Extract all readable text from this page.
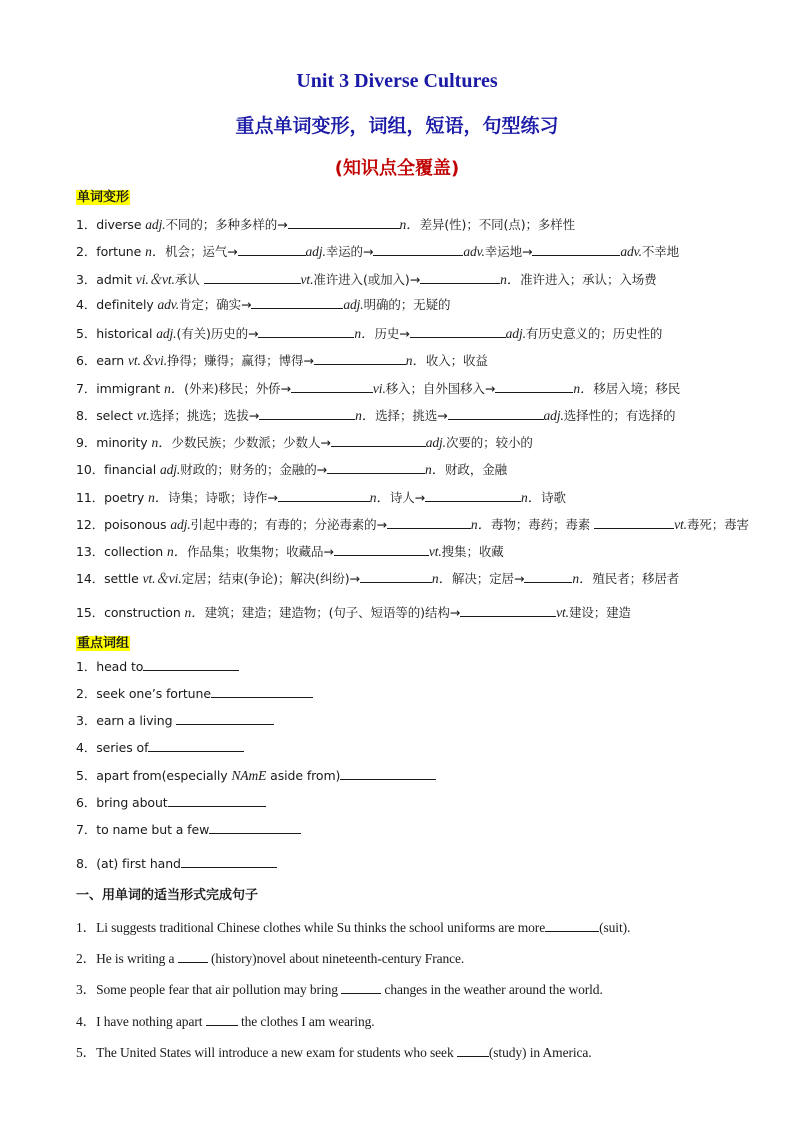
Unit 3 Diverse Cultures
重点单词变形，词组，短语，句型练习
(知识点全覆盖)
单词变形
1．diverse adj.不同的；多种多样的→	n．差异(性)；不同(点)；多样性
2．fortune n．机会；运气→	adj.幸运的→	adv.幸运地→	adv.不幸地
3．admit vi.＆vt.承认	vt.准许进入(或加入)→	n．准许进入；承认；入场费
4．definitely adv.肯定；确实→	adj.明确的；无疑的
5．historical adj.(有关)历史的→	n．历史→	adj.有历史意义的；历史性的
6．earn vt.＆vi.挣得；赚得；赢得；博得→	n．收入；收益
7．immigrant n．(外来)移民；外侨→	vi.移入；自外国移入→	n．移居入境；移民
8．select vt.选择；挑选；选拔→	n．选择；挑选→	adj.选择性的；有选择的
9．minority n．少数民族；少数派；少数人→	adj.次要的；较小的
10．financial adj.财政的；财务的；金融的→	n．财政，金融
11．poetry n．诗集；诗歌；诗作→	n．诗人→	n．诗歌
12．poisonous adj.引起中毒的；有毒的；分泌毒素的→	n．毒物；毒药；毒素	vt.毒死；毒害
13．collection n．作品集；收集物；收藏品→	vt.搜集；收藏
14．settle vt.＆vi.定居；结束(争论)；解决(纠纷)→	n．解决；定居→	n．殖民者；移居者
15．construction n．建筑；建造；建造物；(句子、短语等的)结构→	vt.建设；建造
重点词组
1．head to
2．seek one’s fortune
3．earn a living
4．series of
5．apart from(especially NAmE aside from)
6．bring about
7．to name but a few
8．(at) first hand
一、用单词的适当形式完成句子
1．Li suggests traditional Chinese clothes while Su thinks the school uniforms are more	(suit).
2．He is writing a  (history)novel about nineteenth-century France.
3．Some people fear that air pollution may bring	changes in the weather around the world.
4．I have nothing apart  the clothes I am wearing.
5．The United States will introduce a new exam for students who seek (study) in America.
